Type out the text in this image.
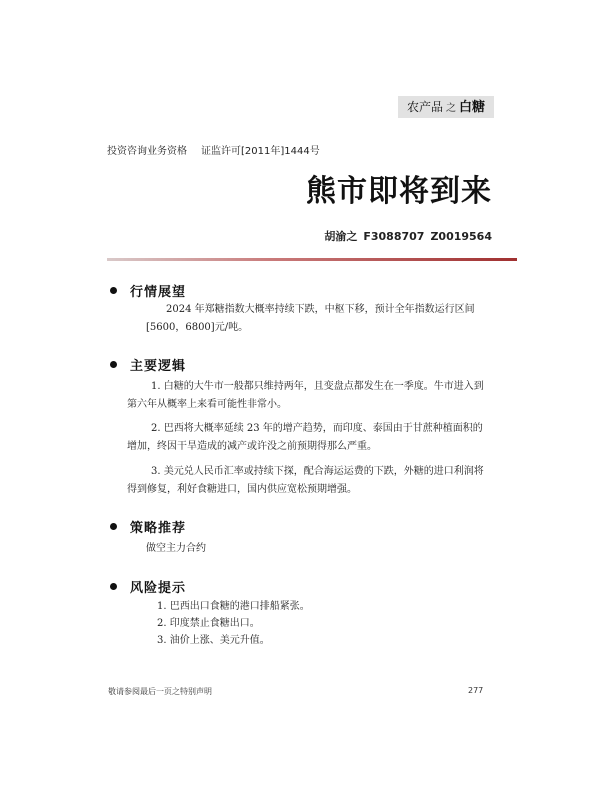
农产品 之 白糖
投资咨询业务资格 证监许可[2011年]1444号
熊市即将到来
胡渝之 F3088707 Z0019564
行情展望
2024 年郑糖指数大概率持续下跌，中枢下移，预计全年指数运行区间[5600，6800]元/吨。
主要逻辑
1. 白糖的大牛市一般都只维持两年，且变盘点都发生在一季度。牛市进入到第六年从概率上来看可能性非常小。
2. 巴西将大概率延续 23 年的增产趋势，而印度、泰国由于甘蔗种植面积的增加，终因干旱造成的减产或许没之前预期得那么严重。
3. 美元兑人民币汇率或持续下探，配合海运运费的下跌，外糖的进口利润将得到修复，利好食糖进口，国内供应宽松预期增强。
策略推荐
做空主力合约
风险提示
1. 巴西出口食糖的港口排船紧张。
2. 印度禁止食糖出口。
3. 油价上涨、美元升值。
敬请参阅最后一页之特别声明	277
